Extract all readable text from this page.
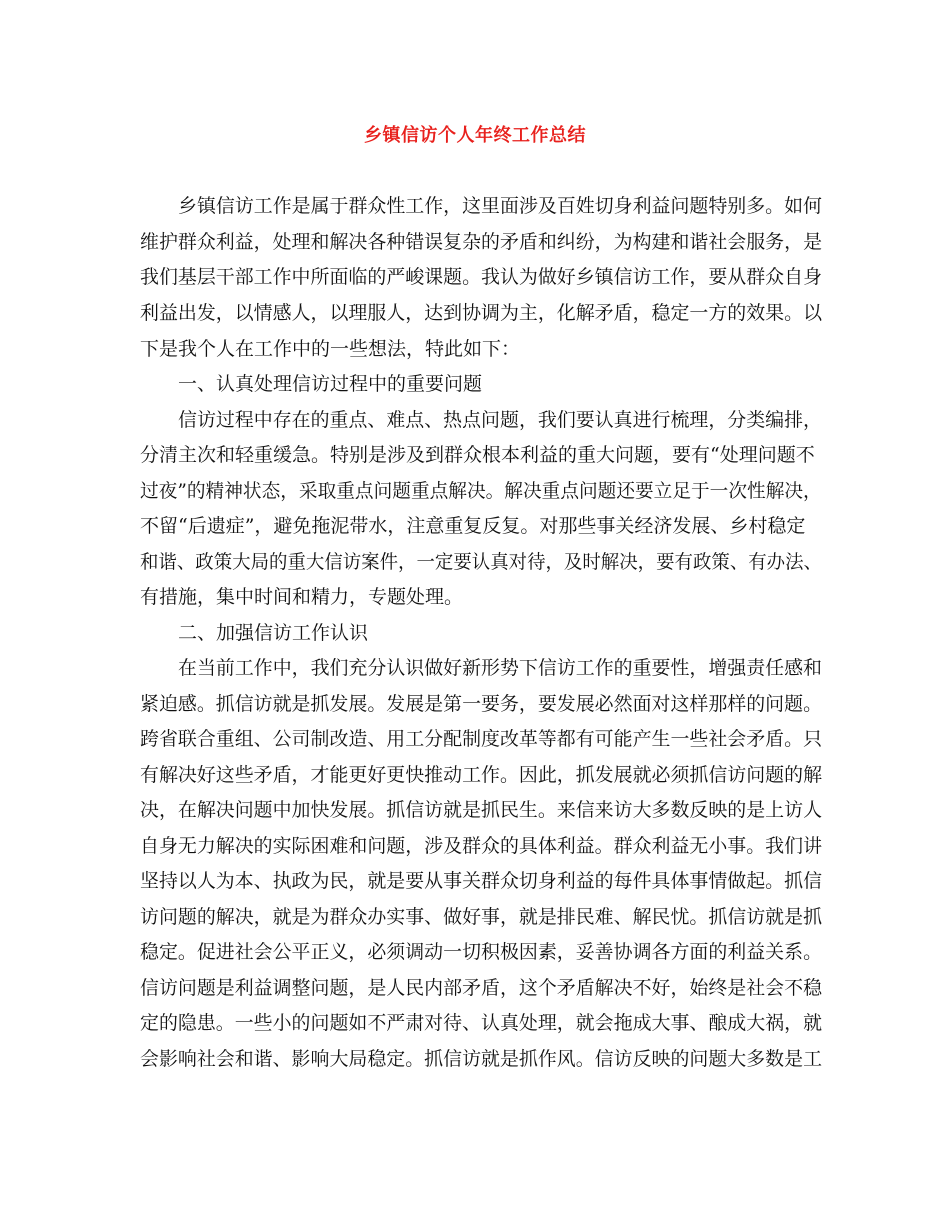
乡镇信访个人年终工作总结
乡镇信访工作是属于群众性工作，这里面涉及百姓切身利益问题特别多。如何
维护群众利益，处理和解决各种错误复杂的矛盾和纠纷，为构建和谐社会服务，是
我们基层干部工作中所面临的严峻课题。我认为做好乡镇信访工作，要从群众自身
利益出发，以情感人，以理服人，达到协调为主，化解矛盾，稳定一方的效果。以
下是我个人在工作中的一些想法，特此如下：
一、认真处理信访过程中的重要问题
信访过程中存在的重点、难点、热点问题，我们要认真进行梳理，分类编排，
分清主次和轻重缓急。特别是涉及到群众根本利益的重大问题，要有“处理问题不
过夜”的精神状态，采取重点问题重点解决。解决重点问题还要立足于一次性解决，
不留“后遗症”，避免拖泥带水，注意重复反复。对那些事关经济发展、乡村稳定
和谐、政策大局的重大信访案件，一定要认真对待，及时解决，要有政策、有办法、
有措施，集中时间和精力，专题处理。
二、加强信访工作认识
在当前工作中，我们充分认识做好新形势下信访工作的重要性，增强责任感和
紧迫感。抓信访就是抓发展。发展是第一要务，要发展必然面对这样那样的问题。
跨省联合重组、公司制改造、用工分配制度改革等都有可能产生一些社会矛盾。只
有解决好这些矛盾，才能更好更快推动工作。因此，抓发展就必须抓信访问题的解
决，在解决问题中加快发展。抓信访就是抓民生。来信来访大多数反映的是上访人
自身无力解决的实际困难和问题，涉及群众的具体利益。群众利益无小事。我们讲
坚持以人为本、执政为民，就是要从事关群众切身利益的每件具体事情做起。抓信
访问题的解决，就是为群众办实事、做好事，就是排民难、解民忧。抓信访就是抓
稳定。促进社会公平正义，必须调动一切积极因素，妥善协调各方面的利益关系。
信访问题是利益调整问题，是人民内部矛盾，这个矛盾解决不好，始终是社会不稳
定的隐患。一些小的问题如不严肃对待、认真处理，就会拖成大事、酿成大祸，就
会影响社会和谐、影响大局稳定。抓信访就是抓作风。信访反映的问题大多数是工
